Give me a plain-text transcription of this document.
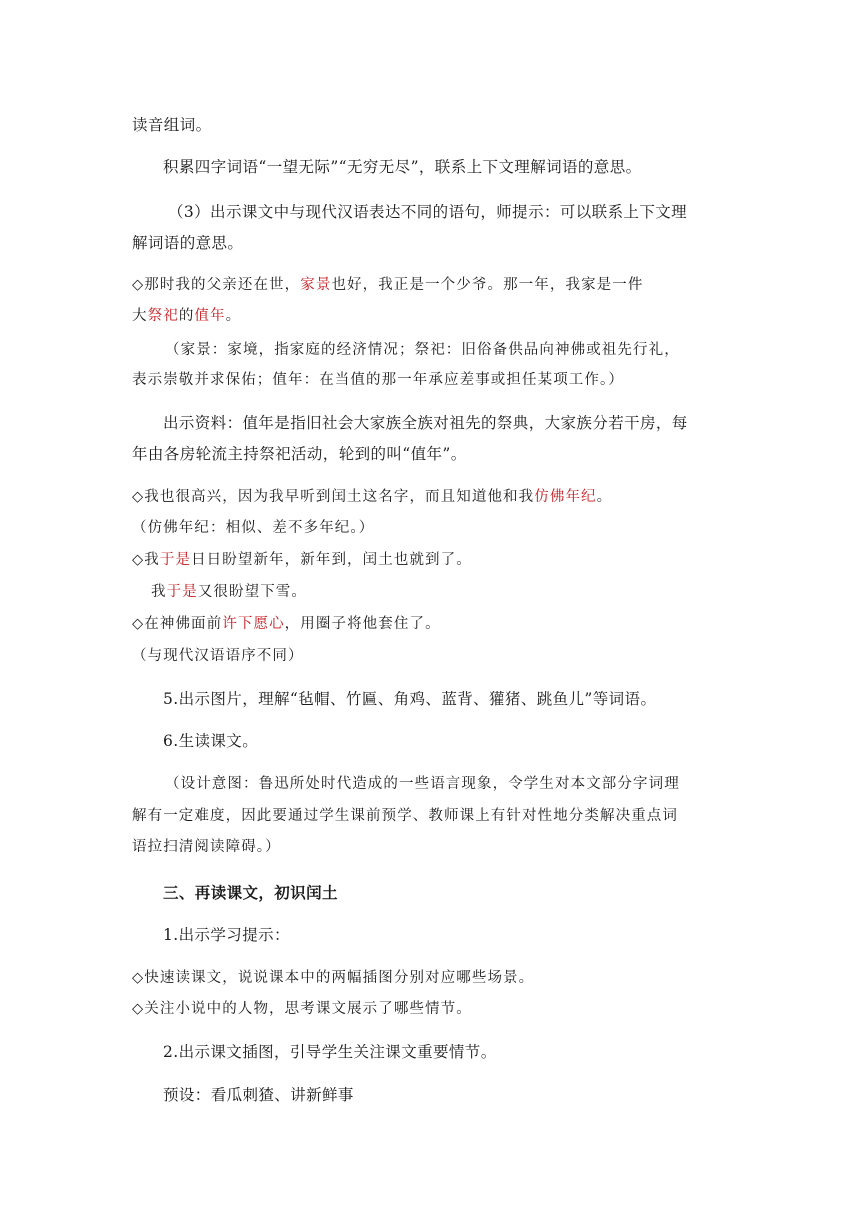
读音组词。

积累四字词语“一望无际”“无穷无尽”，联系上下文理解词语的意思。

（3）出示课文中与现代汉语表达不同的语句，师提示：可以联系上下文理

解词语的意思。

◇那时我的父亲还在世，家景也好，我正是一个少爷。那一年，我家是一件

大祭祀的值年。

（家景：家境，指家庭的经济情况；祭祀：旧俗备供品向神佛或祖先行礼，

表示崇敬并求保佑；值年：在当值的那一年承应差事或担任某项工作。）

出示资料：值年是指旧社会大家族全族对祖先的祭典，大家族分若干房，每

年由各房轮流主持祭祀活动，轮到的叫“值年”。

◇我也很高兴，因为我早听到闰土这名字，而且知道他和我仿佛年纪。

（仿佛年纪：相似、差不多年纪。）

◇我于是日日盼望新年，新年到，闰土也就到了。

我于是又很盼望下雪。

◇在神佛面前许下愿心，用圈子将他套住了。

（与现代汉语语序不同）

5.出示图片，理解“毡帽、竹匾、角鸡、蓝背、獾猪、跳鱼儿”等词语。

6.生读课文。

（设计意图：鲁迅所处时代造成的一些语言现象，令学生对本文部分字词理

解有一定难度，因此要通过学生课前预学、教师课上有针对性地分类解决重点词

语拉扫清阅读障碍。）

三、再读课文，初识闰土

1.出示学习提示：

◇快速读课文，说说课本中的两幅插图分别对应哪些场景。

◇关注小说中的人物，思考课文展示了哪些情节。

2.出示课文插图，引导学生关注课文重要情节。

预设：看瓜刺猹、讲新鲜事
